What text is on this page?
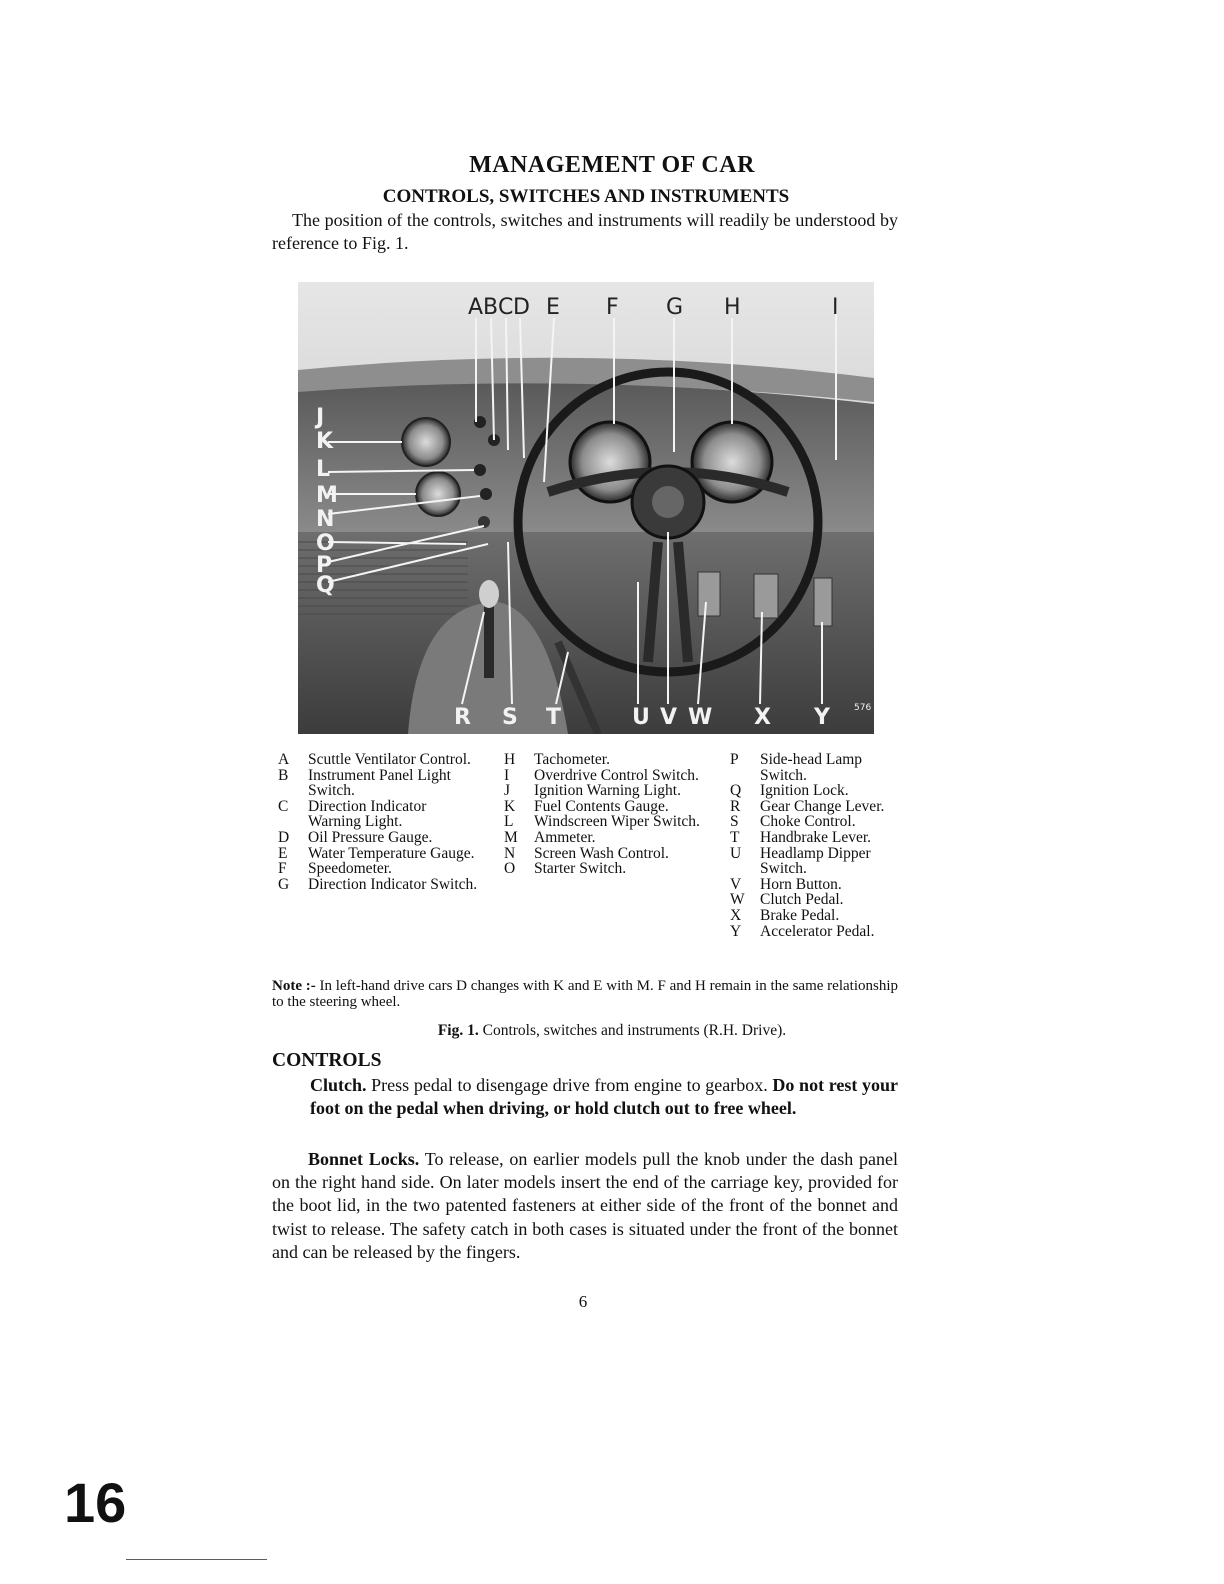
MANAGEMENT OF CAR
CONTROLS, SWITCHES AND INSTRUMENTS
The position of the controls, switches and instruments will readily be understood by reference to Fig. 1.
A B C D E F G H	I
J
K
L
M
N
O
P
Q
R S T	U V W X Y	576
A	Scuttle Ventilator Control.
B	Instrument Panel Light Switch.
C	Direction Indicator Warning Light.
D	Oil Pressure Gauge.
E	Water Temperature Gauge.
F	Speedometer.
G	Direction Indicator Switch.
H	Tachometer.
I	Overdrive Control Switch.
J	Ignition Warning Light.
K	Fuel Contents Gauge.
L	Windscreen Wiper Switch.
M	Ammeter.
N	Screen Wash Control.
O	Starter Switch.
P	Side-head Lamp Switch.
Q	Ignition Lock.
R	Gear Change Lever.
S	Choke Control.
T	Handbrake Lever.
U	Headlamp Dipper Switch.
V	Horn Button.
W Clutch Pedal.
X	Brake Pedal.
Y	Accelerator Pedal.
Note :- In left-hand drive cars D changes with K and E with M. F and H remain in the same relationship to the steering wheel.
Fig. 1. Controls, switches and instruments (R.H. Drive).
CONTROLS
Clutch. Press pedal to disengage drive from engine to gearbox. Do not rest your foot on the pedal when driving, or hold clutch out to free wheel.
Bonnet Locks. To release, on earlier models pull the knob under the dash panel on the right hand side. On later models insert the end of the carriage key, provided for the boot lid, in the two patented fasteners at either side of the front of the bonnet and twist to release. The safety catch in both cases is situated under the front of the bonnet and can be released by the fingers.
6
16
